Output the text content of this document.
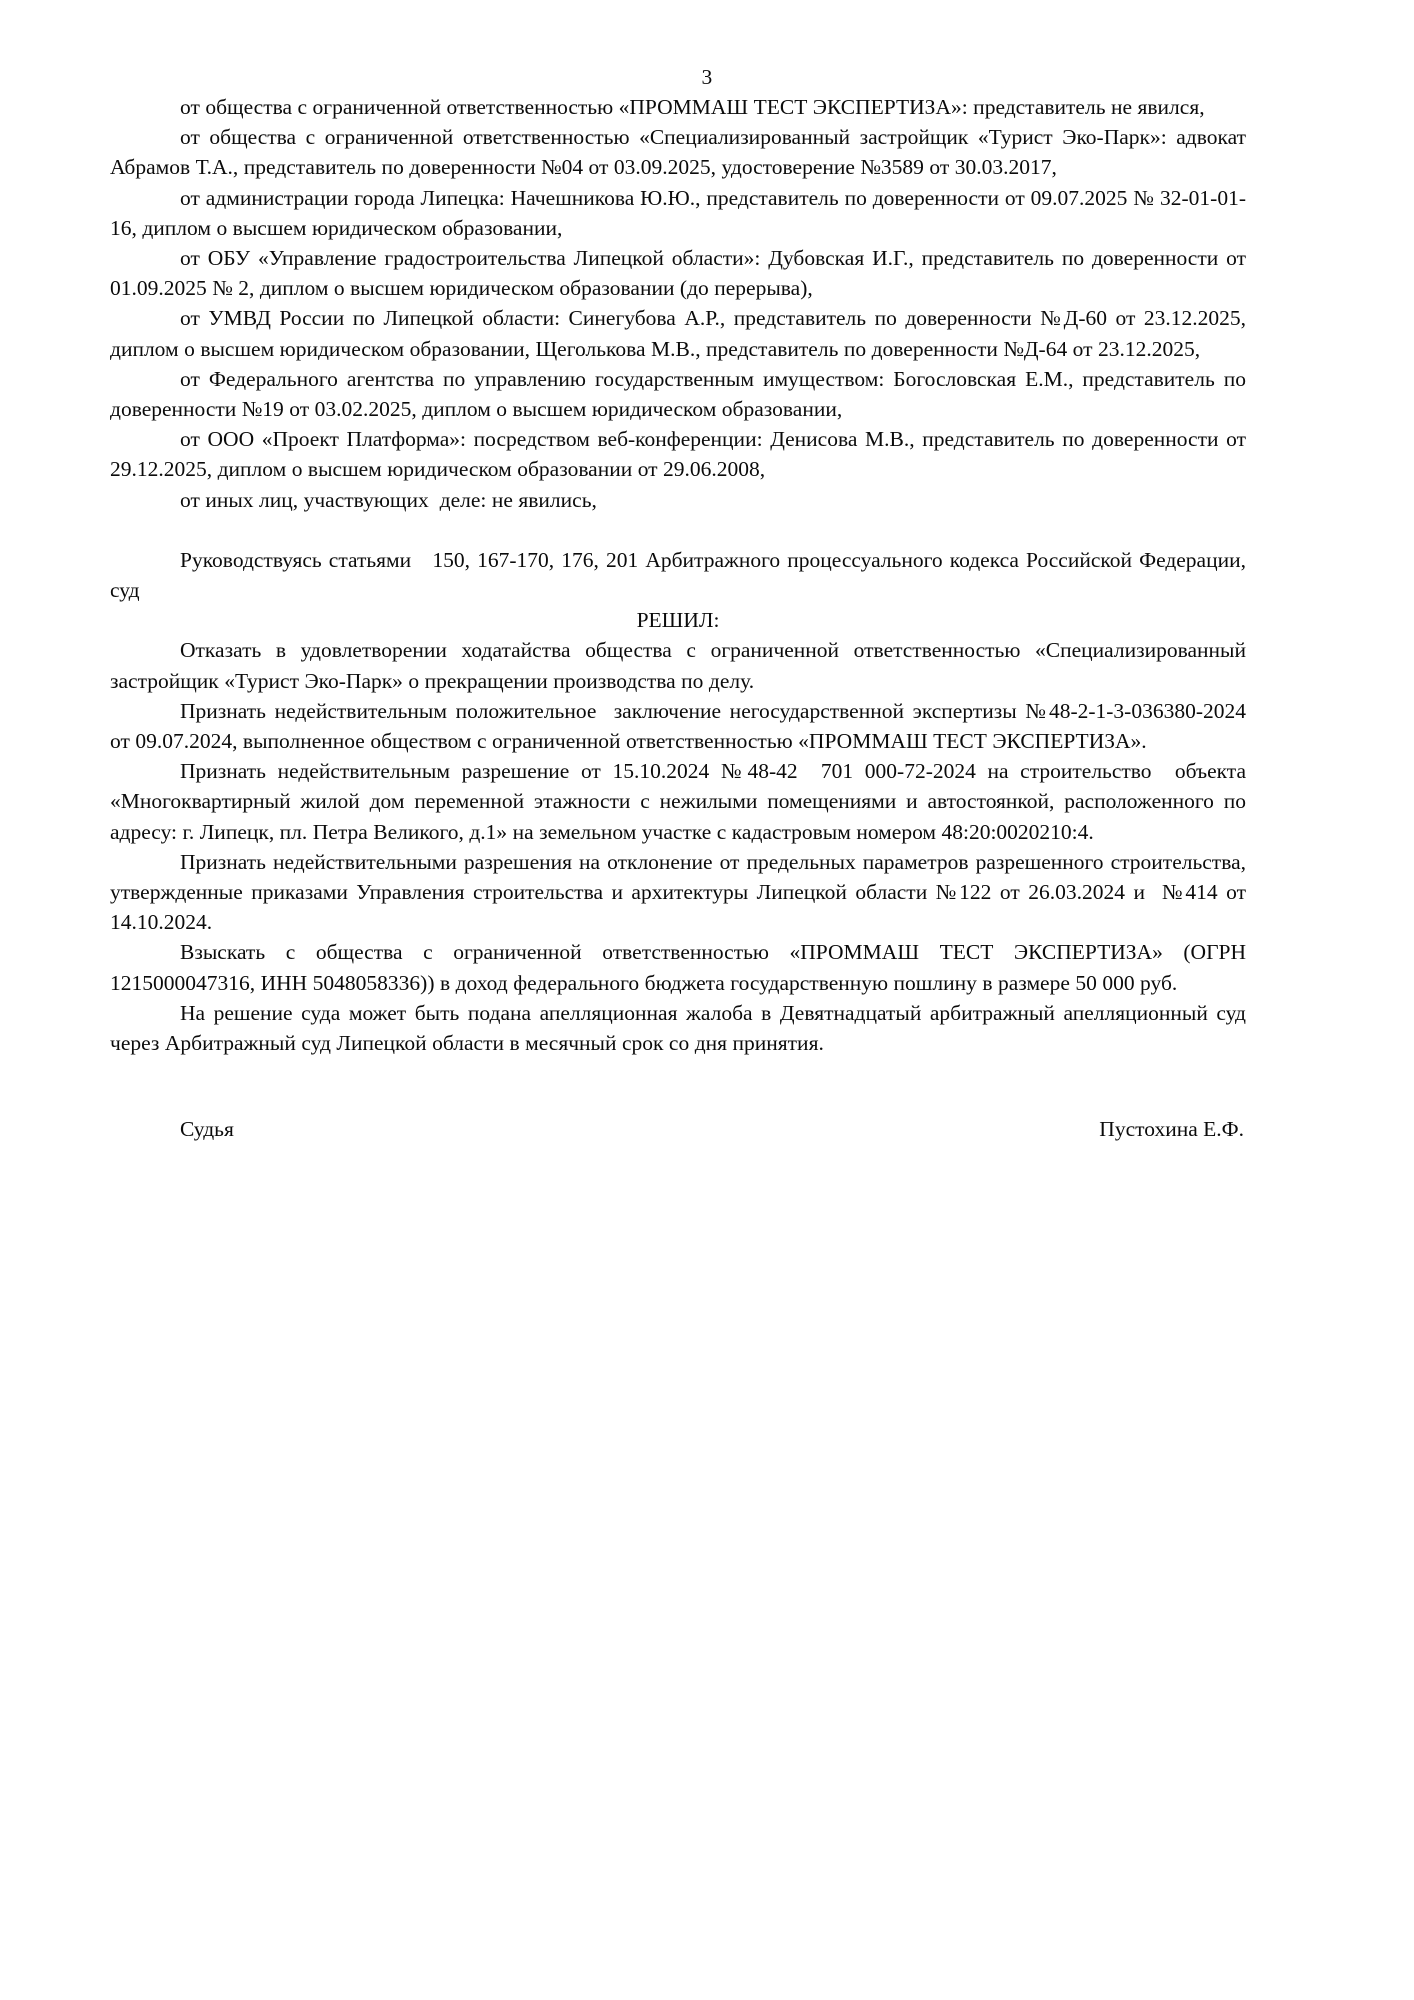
3

от общества с ограниченной ответственностью «ПРОММАШ ТЕСТ ЭКСПЕРТИЗА»: представитель не явился,

от общества с ограниченной ответственностью «Специализированный застройщик «Турист Эко-Парк»: адвокат Абрамов Т.А., представитель по доверенности №04 от 03.09.2025, удостоверение №3589 от 30.03.2017,

от администрации города Липецка: Начешникова Ю.Ю., представитель по доверенности от 09.07.2025 № 32-01-01-16, диплом о высшем юридическом образовании,

от ОБУ «Управление градостроительства Липецкой области»: Дубовская И.Г., представитель по доверенности от 01.09.2025 № 2, диплом о высшем юридическом образовании (до перерыва),

от УМВД России по Липецкой области: Синегубова А.Р., представитель по доверенности №Д-60 от 23.12.2025, диплом о высшем юридическом образовании, Щеголькова М.В., представитель по доверенности №Д-64 от 23.12.2025,

от Федерального агентства по управлению государственным имуществом: Богословская Е.М., представитель по доверенности №19 от 03.02.2025, диплом о высшем юридическом образовании,

от ООО «Проект Платформа»: посредством веб-конференции: Денисова М.В., представитель по доверенности от 29.12.2025, диплом о высшем юридическом образовании от 29.06.2008,

от иных лиц, участвующих  деле: не явились,

Руководствуясь статьями   150, 167-170, 176, 201 Арбитражного процессуального кодекса Российской Федерации, суд

РЕШИЛ:

Отказать в удовлетворении ходатайства общества с ограниченной ответственностью «Специализированный застройщик «Турист Эко-Парк» о прекращении производства по делу.

Признать недействительным положительное  заключение негосударственной экспертизы №48-2-1-3-036380-2024 от 09.07.2024, выполненное обществом с ограниченной ответственностью «ПРОММАШ ТЕСТ ЭКСПЕРТИЗА».

Признать недействительным разрешение от 15.10.2024 №48-42  701 000-72-2024 на строительство  объекта «Многоквартирный жилой дом переменной этажности с нежилыми помещениями и автостоянкой, расположенного по адресу: г. Липецк, пл. Петра Великого, д.1» на земельном участке с кадастровым номером 48:20:0020210:4.

Признать недействительными разрешения на отклонение от предельных параметров разрешенного строительства, утвержденные приказами Управления строительства и архитектуры Липецкой области №122 от 26.03.2024 и  №414 от 14.10.2024.

Взыскать с общества с ограниченной ответственностью «ПРОММАШ ТЕСТ ЭКСПЕРТИЗА» (ОГРН 1215000047316, ИНН 5048058336)) в доход федерального бюджета государственную пошлину в размере 50 000 руб.

На решение суда может быть подана апелляционная жалоба в Девятнадцатый арбитражный апелляционный суд через Арбитражный суд Липецкой области в месячный срок со дня принятия.

Судья	Пустохина Е.Ф.
